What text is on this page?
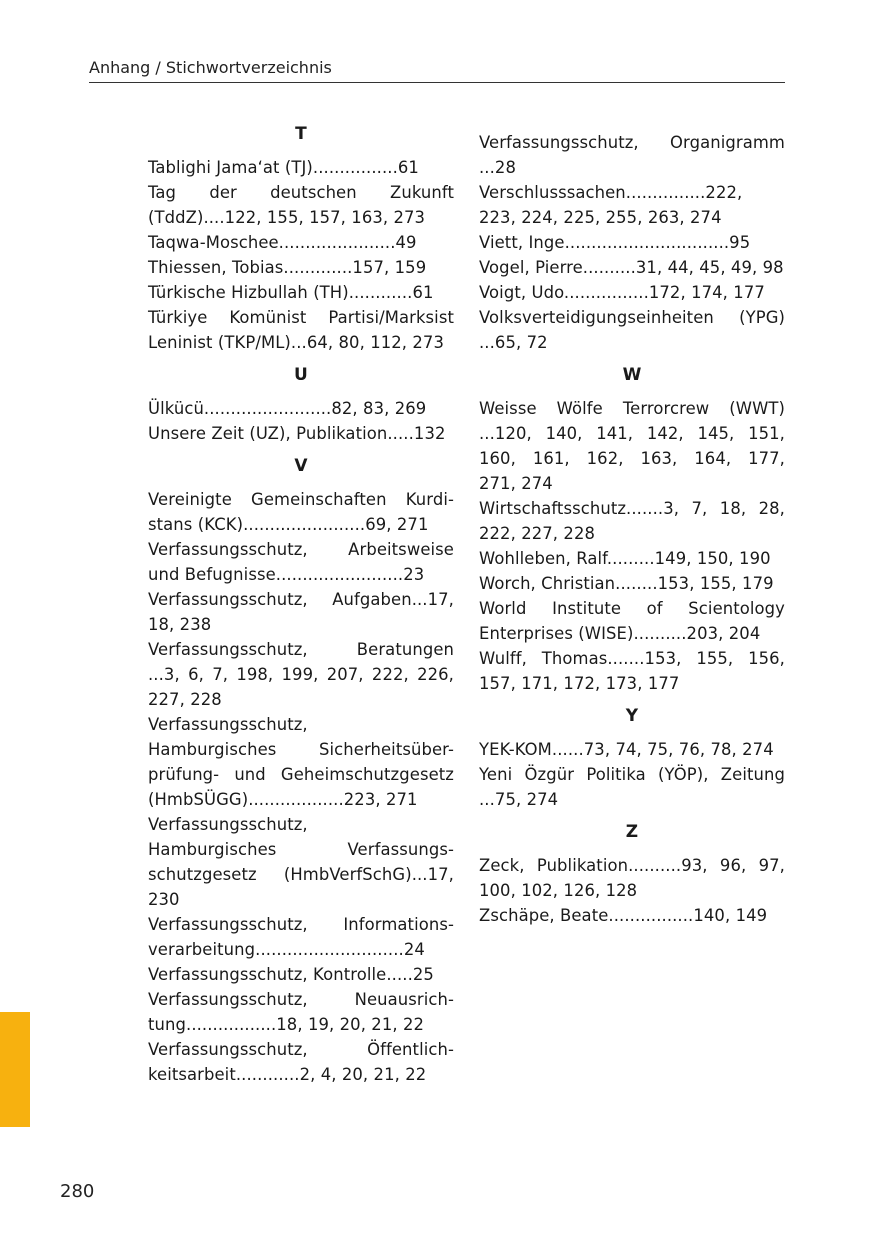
Anhang / Stichwortverzeichnis
T
Tablighi Jama‘at (TJ)................61
Tag der deutschen Zukunft
(TddZ)....122, 155, 157, 163, 273
Taqwa-Moschee......................49
Thiessen, Tobias.............157, 159
Türkische Hizbullah (TH)............61
Türkiye Komünist Partisi/Marksist
Leninist (TKP/ML)...64, 80, 112, 273
U
Ülkücü........................82, 83, 269
Unsere Zeit (UZ), Publikation.....132
V
Vereinigte Gemeinschaften Kurdi-
stans (KCK).......................69, 271
Verfassungsschutz, Arbeitsweise
und Befugnisse........................23
Verfassungsschutz, Aufgaben...17,
18, 238
Verfassungsschutz, Beratungen
...3, 6, 7, 198, 199, 207, 222, 226,
227, 228
Verfassungsschutz,
Hamburgisches Sicherheitsüber-
prüfung- und Geheimschutzgesetz
(HmbSÜGG)..................223, 271
Verfassungsschutz,
Hamburgisches Verfassungs-
schutzgesetz (HmbVerfSchG)...17,
230
Verfassungsschutz, Informations-
verarbeitung............................24
Verfassungsschutz, Kontrolle.....25
Verfassungsschutz, Neuausrich-
tung.................18, 19, 20, 21, 22
Verfassungsschutz, Öffentlich-
keitsarbeit............2, 4, 20, 21, 22
Verfassungsschutz, Organigramm
...28
Verschlusssachen...............222,
223, 224, 225, 255, 263, 274
Viett, Inge...............................95
Vogel, Pierre..........31, 44, 45, 49, 98
Voigt, Udo................172, 174, 177
Volksverteidigungseinheiten (YPG)
...65, 72
W
Weisse Wölfe Terrorcrew (WWT)
...120, 140, 141, 142, 145, 151,
160, 161, 162, 163, 164, 177,
271, 274
Wirtschaftsschutz.......3, 7, 18, 28,
222, 227, 228
Wohlleben, Ralf.........149, 150, 190
Worch, Christian........153, 155, 179
World Institute of Scientology
Enterprises (WISE)..........203, 204
Wulff, Thomas.......153, 155, 156,
157, 171, 172, 173, 177
Y
YEK-KOM......73, 74, 75, 76, 78, 274
Yeni Özgür Politika (YÖP), Zeitung
...75, 274
Z
Zeck, Publikation..........93, 96, 97,
100, 102, 126, 128
Zschäpe, Beate................140, 149
280
